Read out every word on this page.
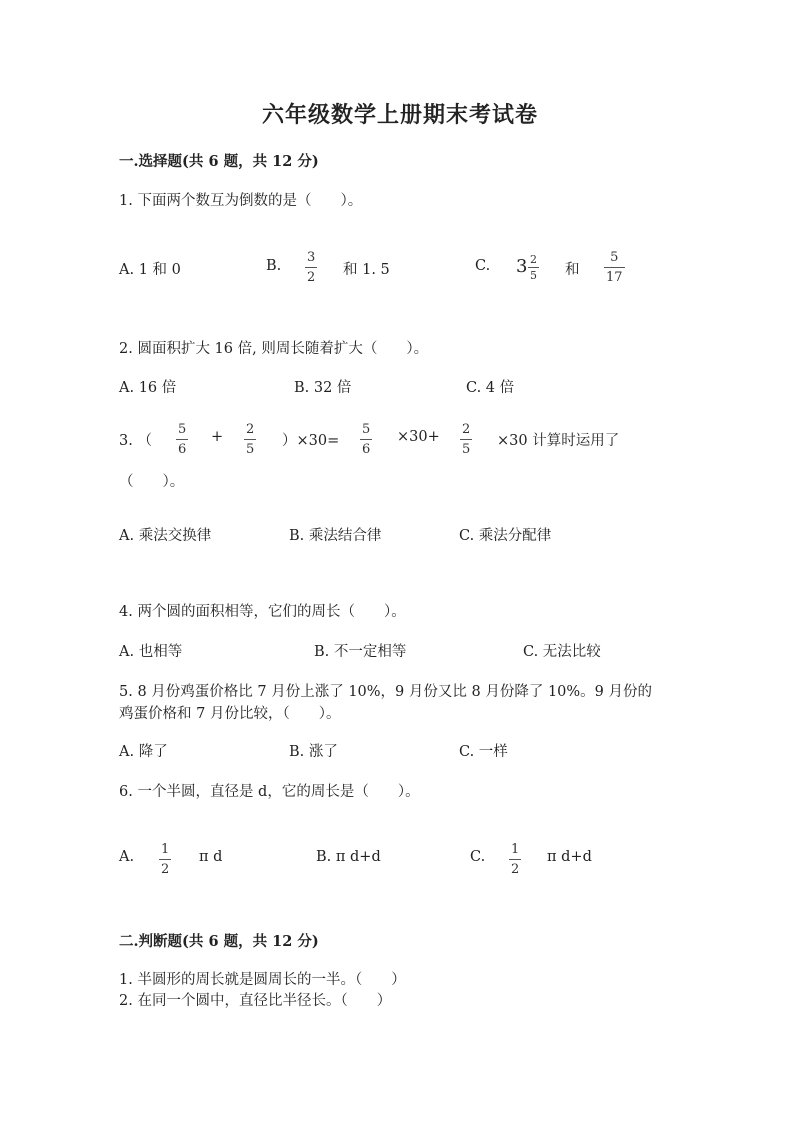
六年级数学上册期末考试卷
一.选择题(共 6 题，共 12 分)
1. 下面两个数互为倒数的是（　　）。
A. 1 和 0	B.
3
2 和 1. 5	C. 3 2
5 和
5
17
2. 圆面积扩大 16 倍, 则周长随着扩大（　　）。
A. 16 倍	B. 32 倍	C. 4 倍
3. （
5
6
+ 2
5
）×30=
5
6
×30+ 2
5
×30 计算时运用了
（　　）。
A. 乘法交换律	B. 乘法结合律	C. 乘法分配律
4. 两个圆的面积相等，它们的周长（　　）。
A. 也相等	B. 不一定相等	C. 无法比较
5. 8 月份鸡蛋价格比 7 月份上涨了 10%，9 月份又比 8 月份降了 10%。9 月份的
鸡蛋价格和 7 月份比较，（　　）。
A. 降了	B. 涨了	C. 一样
6. 一个半圆，直径是 d，它的周长是（　　）。
A. 1
2
π d	B. π d+d	C. 1
2
π d+d
二.判断题(共 6 题，共 12 分)
1. 半圆形的周长就是圆周长的一半。（　　）
2. 在同一个圆中，直径比半径长。（　　）
